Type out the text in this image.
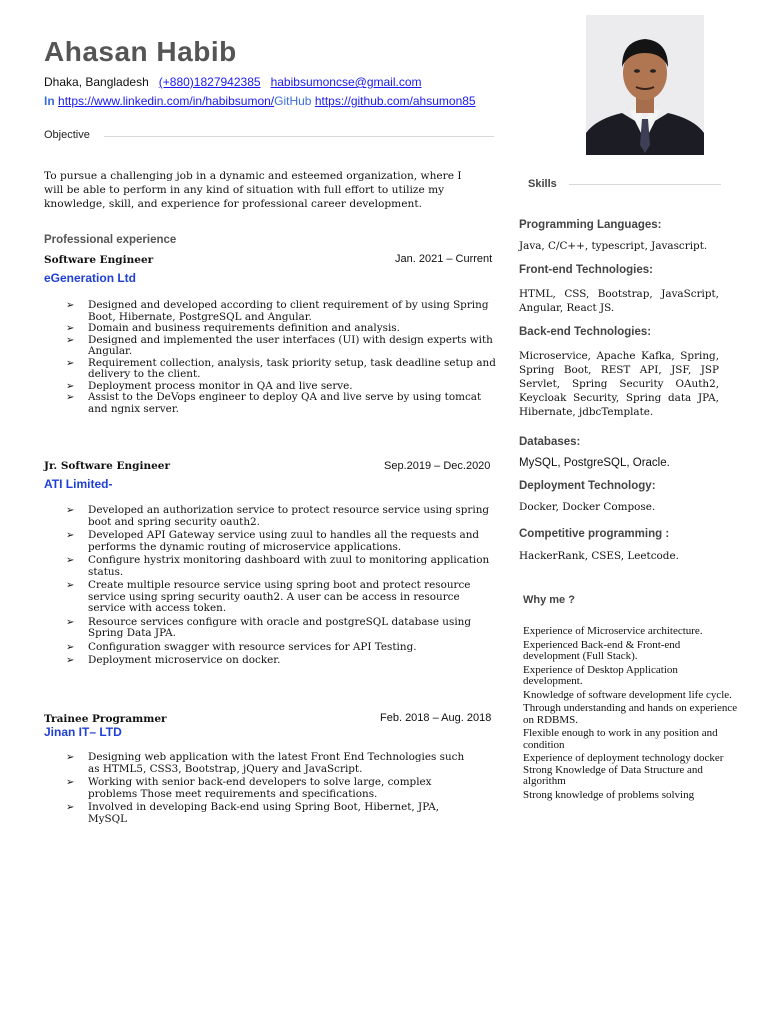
Ahasan Habib
Dhaka, Bangladesh (+880)1827942385 habibsumoncse@gmail.com
In https://www.linkedin.com/in/habibsumon/GitHub https://github.com/ahsumon85
Objective
To pursue a challenging job in a dynamic and esteemed organization, where I will be able to perform in any kind of situation with full effort to utilize my knowledge, skill, and experience for professional career development.
Professional experience
Software Engineer	Jan. 2021 – Current
eGeneration Ltd
➢ Designed and developed according to client requirement of by using Spring Boot, Hibernate, PostgreSQL and Angular.
➢ Domain and business requirements definition and analysis.
➢ Designed and implemented the user interfaces (UI) with design experts with Angular.
➢ Requirement collection, analysis, task priority setup, task deadline setup and delivery to the client.
➢ Deployment process monitor in QA and live serve.
➢ Assist to the DeVops engineer to deploy QA and live serve by using tomcat and ngnix server.
Jr. Software Engineer	Sep.2019 – Dec.2020
ATI Limited-
➢ Developed an authorization service to protect resource service using spring boot and spring security oauth2.
➢ Developed API Gateway service using zuul to handles all the requests and performs the dynamic routing of microservice applications.
➢ Configure hystrix monitoring dashboard with zuul to monitoring application status.
➢ Create multiple resource service using spring boot and protect resource service using spring security oauth2. A user can be access in resource service with access token.
➢ Resource services configure with oracle and postgreSQL database using Spring Data JPA.
➢ Configuration swagger with resource services for API Testing.
➢ Deployment microservice on docker.
Trainee Programmer	Feb. 2018 – Aug. 2018
Jinan IT– LTD
➢ Designing web application with the latest Front End Technologies such as HTML5, CSS3, Bootstrap, jQuery and JavaScript.
➢ Working with senior back-end developers to solve large, complex problems Those meet requirements and specifications.
➢ Involved in developing Back-end using Spring Boot, Hibernet, JPA, MySQL
Skills
Programming Languages:
Java, C/C++, typescript, Javascript.
Front-end Technologies:
HTML, CSS, Bootstrap, JavaScript, Angular, React JS.
Back-end Technologies:
Microservice, Apache Kafka, Spring, Spring Boot, REST API, JSF, JSP Servlet, Spring Security OAuth2, Keycloak Security, Spring data JPA, Hibernate, jdbcTemplate.
Databases:
MySQL, PostgreSQL, Oracle.
Deployment Technology:
Docker, Docker Compose.
Competitive programming :
HackerRank, CSES, Leetcode.
Why me ?
Experience of Microservice architecture.
Experienced Back-end & Front-end development (Full Stack).
Experience of Desktop Application development.
Knowledge of software development life cycle.
Through understanding and hands on experience on RDBMS.
Flexible enough to work in any position and condition
Experience of deployment technology docker Strong Knowledge of Data Structure and algorithm
Strong knowledge of problems solving
